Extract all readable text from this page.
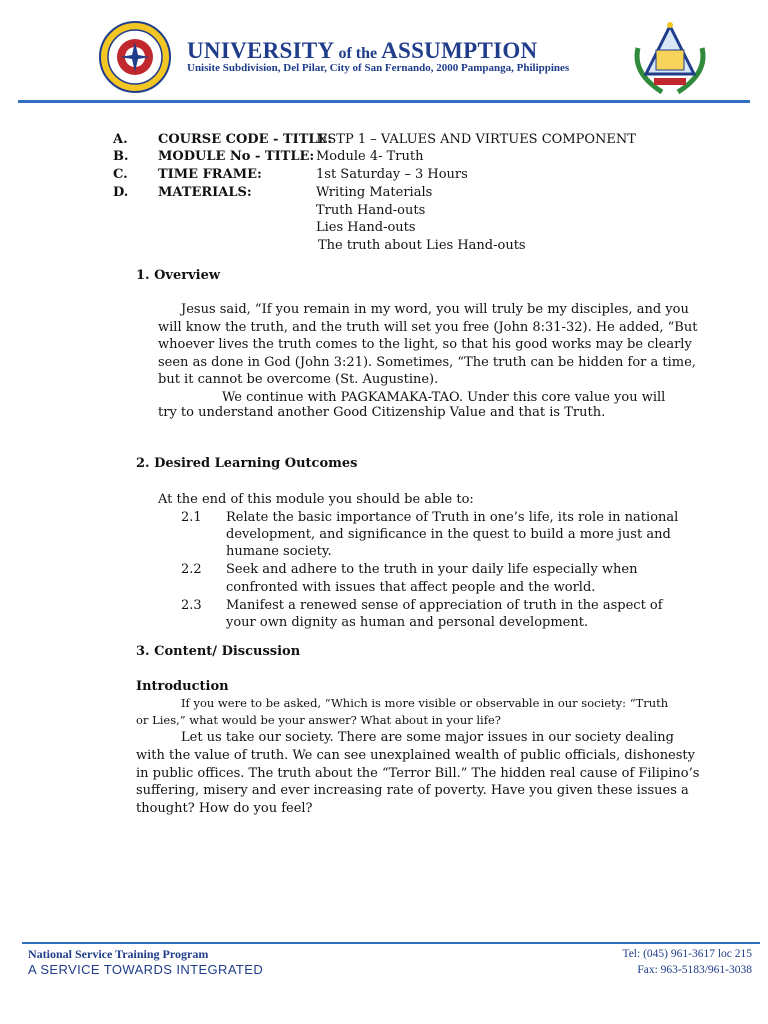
UNIVERSITY of the ASSUMPTION
Unisite Subdivision, Del Pilar, City of San Fernando, 2000 Pampanga, Philippines
A. COURSE CODE - TITLE:
NSTP 1 – VALUES AND VIRTUES COMPONENT
B. MODULE No - TITLE: Module 4- Truth
C. TIME FRAME:	1st Saturday – 3 Hours
D. MATERIALS:	Writing Materials
Truth Hand-outs
Lies Hand-outs
The truth about Lies Hand-outs
1. Overview
Jesus said, “If you remain in my word, you will truly be my disciples, and you
will know the truth, and the truth will set you free (John 8:31-32). He added, “But
whoever lives the truth comes to the light, so that his good works may be clearly
seen as done in God (John 3:21). Sometimes, “The truth can be hidden for a time,
but it cannot be overcome (St. Augustine).
We continue with PAGKAMAKA-TAO. Under this core value you will
try to understand another Good Citizenship Value and that is Truth.
2. Desired Learning Outcomes
At the end of this module you should be able to:
2.1 Relate the basic importance of Truth in one’s life, its role in national
development, and significance in the quest to build a more just and
humane society.
2.2 Seek and adhere to the truth in your daily life especially when
confronted with issues that affect people and the world.
2.3 Manifest a renewed sense of appreciation of truth in the aspect of
your own dignity as human and personal development.
3. Content/ Discussion
Introduction
If you were to be asked, “Which is more visible or observable in our society: “Truth
or Lies,” what would be your answer? What about in your life?
Let us take our society. There are some major issues in our society dealing
with the value of truth. We can see unexplained wealth of public officials, dishonesty
in public offices. The truth about the “Terror Bill.” The hidden real cause of Filipino’s
suffering, misery and ever increasing rate of poverty. Have you given these issues a
thought? How do you feel?
National Service Training Program
A SERVICE TOWARDS INTEGRATED
Tel: (045) 961-3617 loc 215
Fax: 963-5183/961-3038
